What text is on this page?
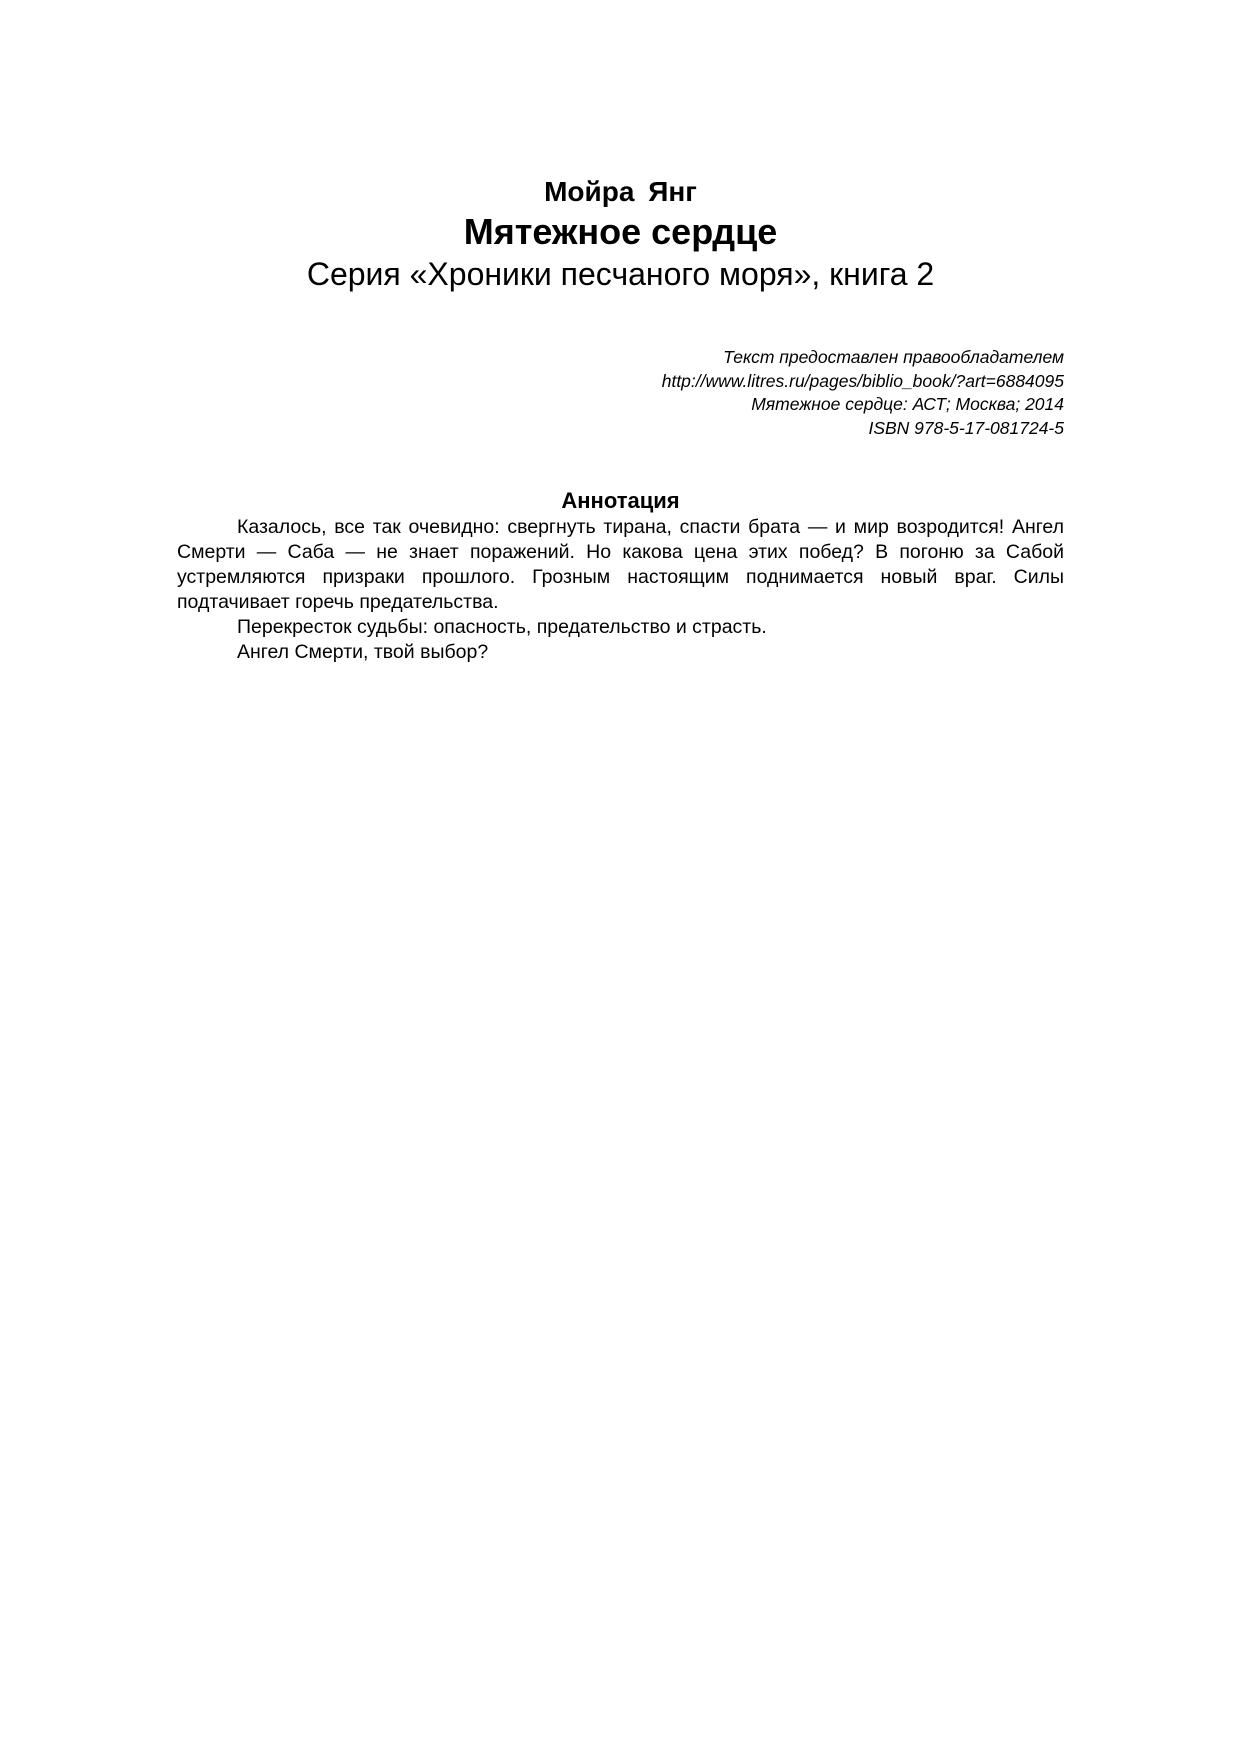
Мойра Янг
Мятежное сердце
Серия «Хроники песчаного моря», книга 2
Текст предоставлен правообладателем
http://www.litres.ru/pages/biblio_book/?art=6884095
Мятежное сердце: АСТ; Москва; 2014
ISBN 978-5-17-081724-5
Аннотация

Казалось, все так очевидно: свергнуть тирана, спасти брата — и мир возродится! Ангел Смерти — Саба — не знает поражений. Но какова цена этих побед? В погоню за Сабой устремляются призраки прошлого. Грозным настоящим поднимается новый враг. Силы подтачивает горечь предательства.

Перекресток судьбы: опасность, предательство и страсть.

Ангел Смерти, твой выбор?
